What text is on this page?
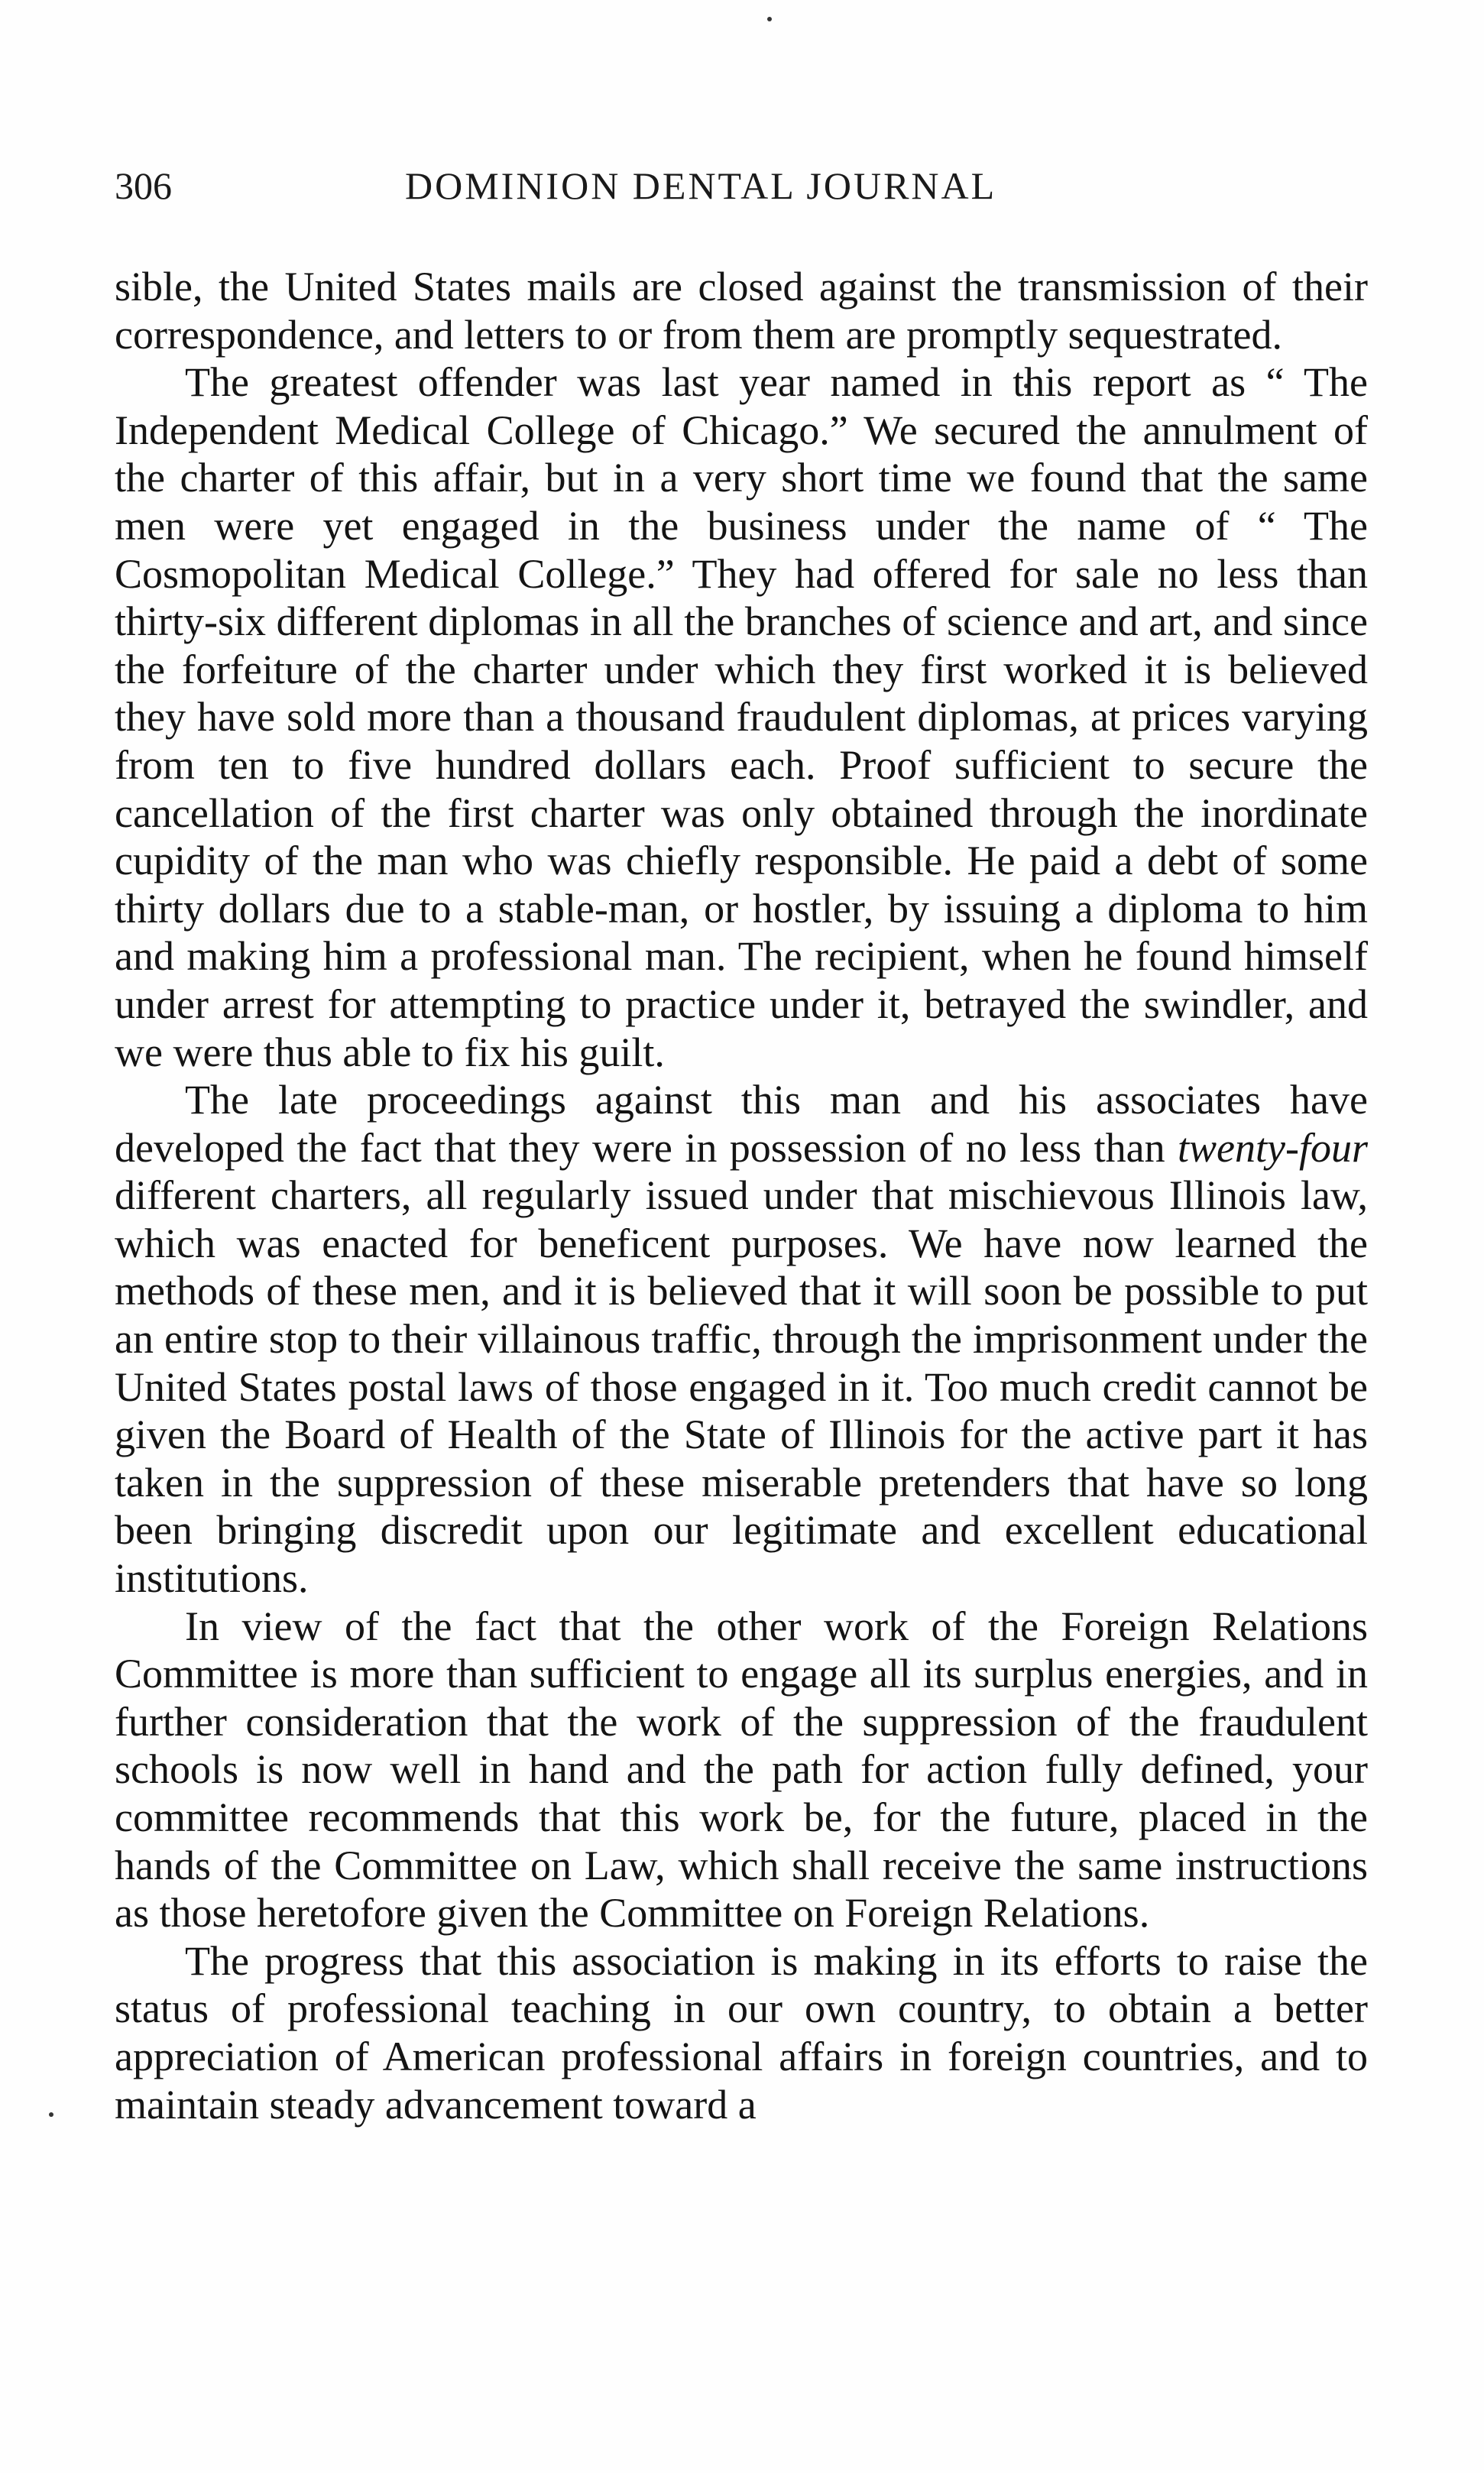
306	DOMINION DENTAL JOURNAL

sible, the United States mails are closed against the transmission of their correspondence, and letters to or from them are promptly sequestrated.

The greatest offender was last year named in this report as “ The Independent Medical College of Chicago.” We secured the annulment of the charter of this affair, but in a very short time we found that the same men were yet engaged in the business under the name of “ The Cosmopolitan Medical College.” They had offered for sale no less than thirty-six different diplomas in all the branches of science and art, and since the forfeiture of the charter under which they first worked it is believed they have sold more than a thousand fraudulent diplomas, at prices varying from ten to five hundred dollars each. Proof sufficient to secure the cancellation of the first charter was only obtained through the inordinate cupidity of the man who was chiefly responsible. He paid a debt of some thirty dollars due to a stable-man, or hostler, by issuing a diploma to him and making him a professional man. The recipient, when he found himself under arrest for attempting to practice under it, betrayed the swindler, and we were thus able to fix his guilt.

The late proceedings against this man and his associates have developed the fact that they were in possession of no less than twenty-four different charters, all regularly issued under that mischievous Illinois law, which was enacted for beneficent purposes. We have now learned the methods of these men, and it is believed that it will soon be possible to put an entire stop to their villainous traffic, through the imprisonment under the United States postal laws of those engaged in it. Too much credit cannot be given the Board of Health of the State of Illinois for the active part it has taken in the suppression of these miserable pretenders that have so long been bringing discredit upon our legitimate and excellent educational institutions.

In view of the fact that the other work of the Foreign Relations Committee is more than sufficient to engage all its surplus energies, and in further consideration that the work of the suppression of the fraudulent schools is now well in hand and the path for action fully defined, your committee recommends that this work be, for the future, placed in the hands of the Committee on Law, which shall receive the same instructions as those heretofore given the Committee on Foreign Relations.

The progress that this association is making in its efforts to raise the status of professional teaching in our own country, to obtain a better appreciation of American professional affairs in foreign countries, and to maintain steady advancement toward a
